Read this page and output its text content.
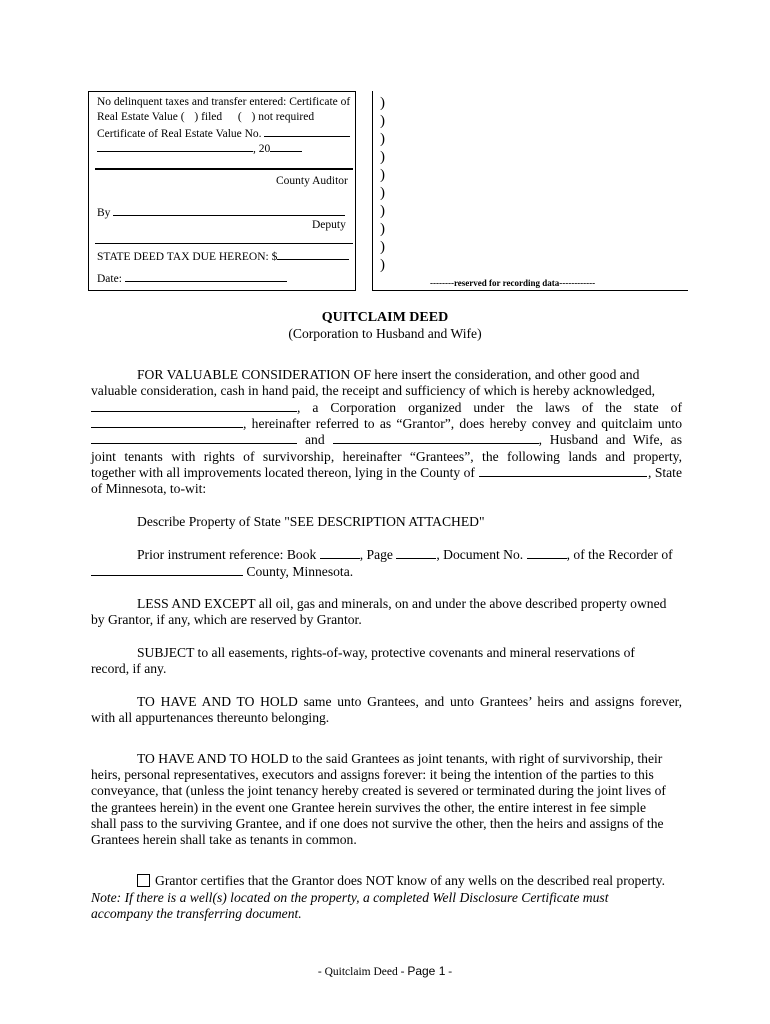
No delinquent taxes and transfer entered: Certificate of
Real Estate Value ( ) filed ( ) not required
Certificate of Real Estate Value No.
, 20
County Auditor
By
Deputy
STATE DEED TAX DUE HEREON: $
Date:
)
)
)
)
)
)
)
)
)
)
--------reserved for recording data------------
QUITCLAIM DEED
(Corporation to Husband and Wife)
FOR VALUABLE CONSIDERATION OF here insert the consideration, and other good and
valuable consideration, cash in hand paid, the receipt and sufficiency of which is hereby acknowledged,
, a Corporation organized under the laws of the state of
, hereinafter referred to as “Grantor”, does hereby convey and quitclaim unto
and	, Husband and Wife, as
joint tenants with rights of survivorship, hereinafter “Grantees”, the following lands and property,
together with all improvements located thereon, lying in the County of	, State
of Minnesota, to-wit:
Describe Property of State "SEE DESCRIPTION ATTACHED"
Prior instrument reference: Book	, Page	, Document No.	, of the Recorder of
County, Minnesota.
LESS AND EXCEPT all oil, gas and minerals, on and under the above described property owned
by Grantor, if any, which are reserved by Grantor.
SUBJECT to all easements, rights-of-way, protective covenants and mineral reservations of
record, if any.
TO HAVE AND TO HOLD same unto Grantees, and unto Grantees’ heirs and assigns forever,
with all appurtenances thereunto belonging.
TO HAVE AND TO HOLD to the said Grantees as joint tenants, with right of survivorship, their
heirs, personal representatives, executors and assigns forever: it being the intention of the parties to this
conveyance, that (unless the joint tenancy hereby created is severed or terminated during the joint lives of
the grantees herein) in the event one Grantee herein survives the other, the entire interest in fee simple
shall pass to the surviving Grantee, and if one does not survive the other, then the heirs and assigns of the
Grantees herein shall take as tenants in common.
Grantor certifies that the Grantor does NOT know of any wells on the described real property.
Note: If there is a well(s) located on the property, a completed Well Disclosure Certificate must
accompany the transferring document.
- Quitclaim Deed - Page 1 -
